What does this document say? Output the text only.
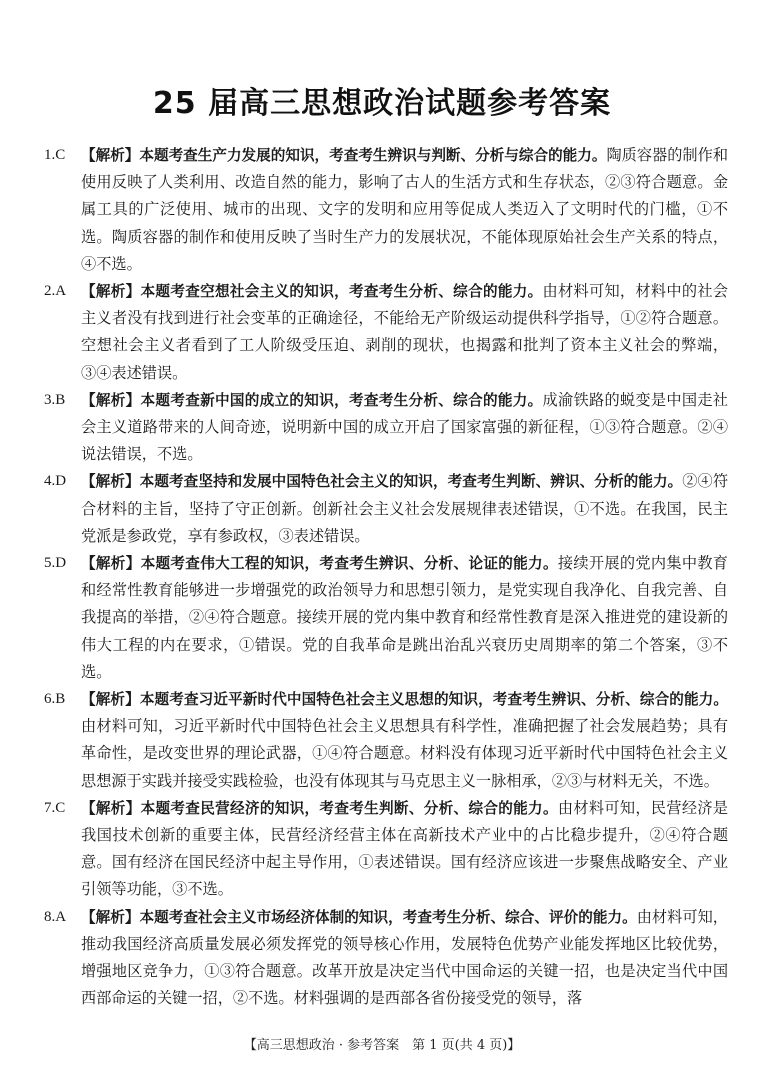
25 届高三思想政治试题参考答案

1.C 【解析】本题考查生产力发展的知识，考查考生辨识与判断、分析与综合的能力。陶质容器的制作和使用反映了人类利用、改造自然的能力，影响了古人的生活方式和生存状态，②③符合题意。金属工具的广泛使用、城市的出现、文字的发明和应用等促成人类迈入了文明时代的门槛，①不选。陶质容器的制作和使用反映了当时生产力的发展状况，不能体现原始社会生产关系的特点，④不选。

2.A 【解析】本题考查空想社会主义的知识，考查考生分析、综合的能力。由材料可知，材料中的社会主义者没有找到进行社会变革的正确途径，不能给无产阶级运动提供科学指导，①②符合题意。空想社会主义者看到了工人阶级受压迫、剥削的现状，也揭露和批判了资本主义社会的弊端，③④表述错误。

3.B 【解析】本题考查新中国的成立的知识，考查考生分析、综合的能力。成渝铁路的蜕变是中国走社会主义道路带来的人间奇迹，说明新中国的成立开启了国家富强的新征程，①③符合题意。②④说法错误，不选。

4.D 【解析】本题考查坚持和发展中国特色社会主义的知识，考查考生判断、辨识、分析的能力。②④符合材料的主旨，坚持了守正创新。创新社会主义社会发展规律表述错误，①不选。在我国，民主党派是参政党，享有参政权，③表述错误。

5.D 【解析】本题考查伟大工程的知识，考查考生辨识、分析、论证的能力。接续开展的党内集中教育和经常性教育能够进一步增强党的政治领导力和思想引领力，是党实现自我净化、自我完善、自我提高的举措，②④符合题意。接续开展的党内集中教育和经常性教育是深入推进党的建设新的伟大工程的内在要求，①错误。党的自我革命是跳出治乱兴衰历史周期率的第二个答案，③不选。

6.B 【解析】本题考查习近平新时代中国特色社会主义思想的知识，考查考生辨识、分析、综合的能力。由材料可知，习近平新时代中国特色社会主义思想具有科学性，准确把握了社会发展趋势；具有革命性，是改变世界的理论武器，①④符合题意。材料没有体现习近平新时代中国特色社会主义思想源于实践并接受实践检验，也没有体现其与马克思主义一脉相承，②③与材料无关，不选。

7.C 【解析】本题考查民营经济的知识，考查考生判断、分析、综合的能力。由材料可知，民营经济是我国技术创新的重要主体，民营经济经营主体在高新技术产业中的占比稳步提升，②④符合题意。国有经济在国民经济中起主导作用，①表述错误。国有经济应该进一步聚焦战略安全、产业引领等功能，③不选。

8.A 【解析】本题考查社会主义市场经济体制的知识，考查考生分析、综合、评价的能力。由材料可知，推动我国经济高质量发展必须发挥党的领导核心作用，发展特色优势产业能发挥地区比较优势，增强地区竞争力，①③符合题意。改革开放是决定当代中国命运的关键一招，也是决定当代中国西部命运的关键一招，②不选。材料强调的是西部各省份接受党的领导，落

【高三思想政治 · 参考答案　第 1 页(共 4 页)】
